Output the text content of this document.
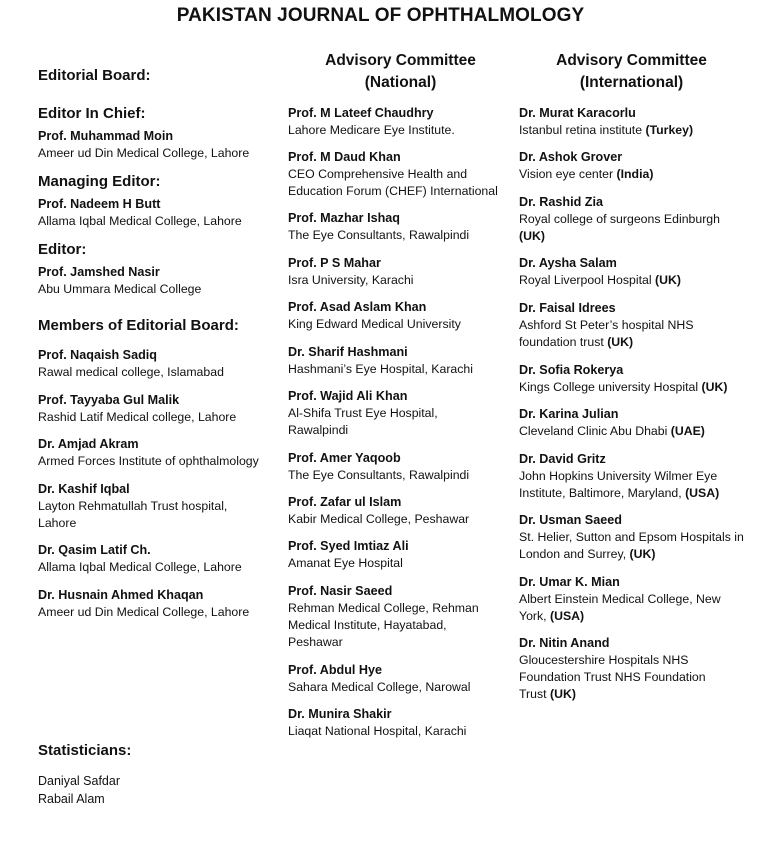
PAKISTAN JOURNAL OF OPHTHALMOLOGY
Editorial Board:
Editor In Chief:
Prof. Muhammad Moin
Ameer ud Din Medical College, Lahore
Managing Editor:
Prof. Nadeem H Butt
Allama Iqbal Medical College, Lahore
Editor:
Prof. Jamshed Nasir
Abu Ummara Medical College
Members of Editorial Board:
Prof. Naqaish Sadiq
Rawal medical college, Islamabad
Prof. Tayyaba Gul Malik
Rashid Latif Medical college, Lahore
Dr. Amjad Akram
Armed Forces Institute of ophthalmology
Dr. Kashif Iqbal
Layton Rehmatullah Trust hospital, Lahore
Dr. Qasim Latif Ch.
Allama Iqbal Medical College, Lahore
Dr. Husnain Ahmed Khaqan
Ameer ud Din Medical College, Lahore
Statisticians:
Daniyal Safdar
Rabail Alam
Advisory Committee
(National)
Prof. M Lateef Chaudhry
Lahore Medicare Eye Institute.
Prof. M Daud Khan
CEO Comprehensive Health and Education Forum (CHEF) International
Prof. Mazhar Ishaq
The Eye Consultants, Rawalpindi
Prof. P S Mahar
Isra University, Karachi
Prof. Asad Aslam Khan
King Edward Medical University
Dr. Sharif Hashmani
Hashmani’s Eye Hospital, Karachi
Prof. Wajid Ali Khan
Al-Shifa Trust Eye Hospital, Rawalpindi
Prof. Amer Yaqoob
The Eye Consultants, Rawalpindi
Prof. Zafar ul Islam
Kabir Medical College, Peshawar
Prof. Syed Imtiaz Ali
Amanat Eye Hospital
Prof. Nasir Saeed
Rehman Medical College, Rehman Medical Institute, Hayatabad, Peshawar
Prof. Abdul Hye
Sahara Medical College, Narowal
Dr. Munira Shakir
Liaqat National Hospital, Karachi
Advisory Committee
(International)
Dr. Murat Karacorlu
Istanbul retina institute (Turkey)
Dr. Ashok Grover
Vision eye center (India)
Dr. Rashid Zia
Royal college of surgeons Edinburgh (UK)
Dr. Aysha Salam
Royal Liverpool Hospital (UK)
Dr. Faisal Idrees
Ashford St Peter’s hospital NHS foundation trust (UK)
Dr. Sofia Rokerya
Kings College university Hospital (UK)
Dr. Karina Julian
Cleveland Clinic Abu Dhabi (UAE)
Dr. David Gritz
John Hopkins University Wilmer Eye Institute, Baltimore, Maryland, (USA)
Dr. Usman Saeed
St. Helier, Sutton and Epsom Hospitals in London and Surrey, (UK)
Dr. Umar K. Mian
Albert Einstein Medical College, New York, (USA)
Dr. Nitin Anand
Gloucestershire Hospitals NHS Foundation Trust NHS Foundation Trust (UK)
